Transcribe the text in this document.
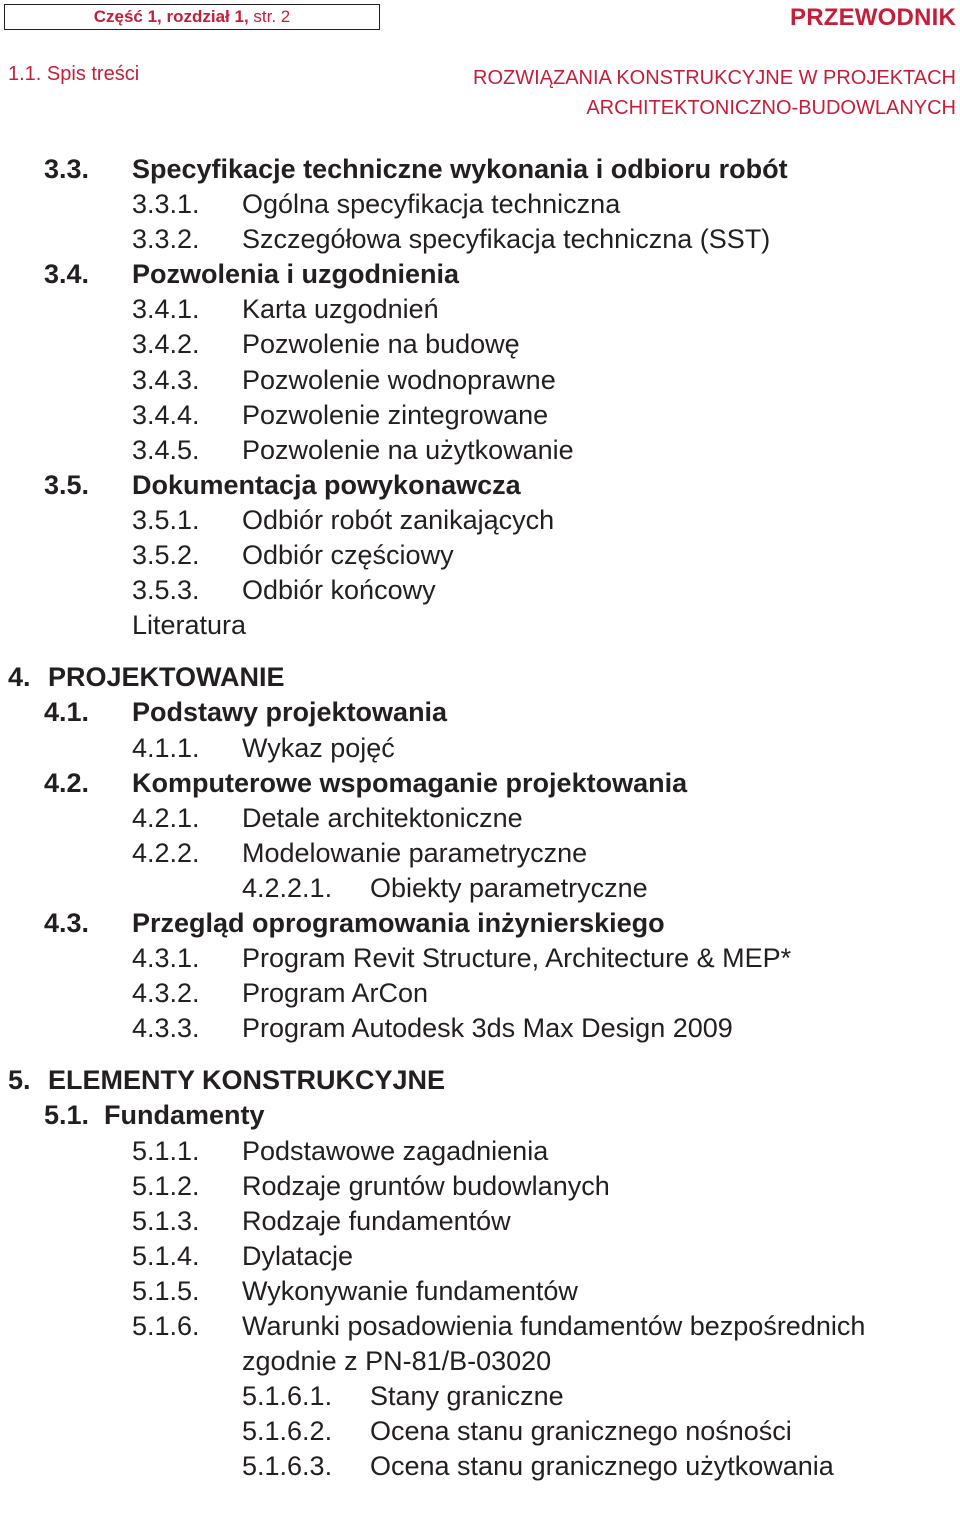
Część 1, rozdział 1,
str. 2	PRZEWODNIK
1.1. Spis treści	ROZWIĄZANIA KONSTRUKCYJNE W PROJEKTACH
ARCHITEKTONICZNO-BUDOWLANYCH
3.3. Specyfikacje techniczne wykonania i odbioru robót
3.3.1. Ogólna specyfikacja techniczna
3.3.2. Szczegółowa specyfikacja techniczna (SST)
3.4. Pozwolenia i uzgodnienia
3.4.1. Karta uzgodnień
3.4.2. Pozwolenie na budowę
3.4.3. Pozwolenie wodnoprawne
3.4.4. Pozwolenie zintegrowane
3.4.5. Pozwolenie na użytkowanie
3.5. Dokumentacja powykonawcza
3.5.1. Odbiór robót zanikających
3.5.2. Odbiór częściowy
3.5.3. Odbiór końcowy
Literatura
4. PROJEKTOWANIE
4.1. Podstawy projektowania
4.1.1. Wykaz pojęć
4.2. Komputerowe wspomaganie projektowania
4.2.1. Detale architektoniczne
4.2.2. Modelowanie parametryczne
4.2.2.1. Obiekty parametryczne
4.3. Przegląd oprogramowania inżynierskiego
4.3.1. Program Revit Structure, Architecture & MEP*
4.3.2. Program ArCon
4.3.3. Program Autodesk 3ds Max Design 2009
5. ELEMENTY KONSTRUKCYJNE
5.1. Fundamenty
5.1.1. Podstawowe zagadnienia
5.1.2. Rodzaje gruntów budowlanych
5.1.3. Rodzaje fundamentów
5.1.4. Dylatacje
5.1.5. Wykonywanie fundamentów
5.1.6. Warunki posadowienia fundamentów bezpośrednich
zgodnie z PN-81/B-03020
5.1.6.1. Stany graniczne
5.1.6.2. Ocena stanu granicznego nośności
5.1.6.3. Ocena stanu granicznego użytkowania
